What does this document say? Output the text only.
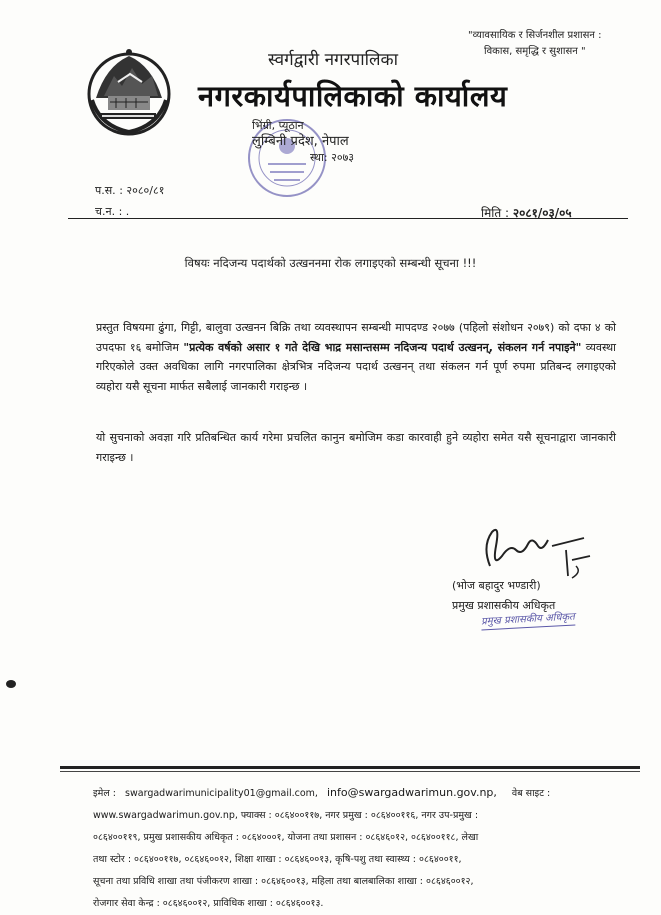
"व्यावसायिक र सिर्जनशील प्रशासन :
विकास, समृद्धि र सुशासन "
स्वर्गद्वारी नगरपालिका
नगरकार्यपालिकाको कार्यालय
भिंग्री, प्यूठान
लुम्बिनी प्रदेश, नेपाल
स्था: २०७३
प.स. : २०८०/८१
च.न. : .	मिति : २०८१/०३/०५
विषयः नदिजन्य पदार्थको उत्खननमा रोक लगाइएको सम्बन्धी सूचना !!!
प्रस्तुत विषयमा ढुंगा, गिट्टी, बालुवा उत्खनन बिक्रि तथा व्यवस्थापन सम्बन्धी मापदण्ड २०७७ (पहिलो संशोधन २०७९) को दफा ४ को उपदफा १६ बमोजिम "प्रत्येक वर्षको असार १ गते देखि भाद्र मसान्तसम्म नदिजन्य पदार्थ उत्खनन्, संकलन गर्न नपाइने" व्यवस्था गरिएकोले उक्त अवधिका लागि नगरपालिका क्षेत्रभित्र नदिजन्य पदार्थ उत्खनन् तथा संकलन गर्न पूर्ण रुपमा प्रतिबन्द लगाइएको व्यहोरा यसै सूचना मार्फत सबैलाई जानकारी गराइन्छ ।
यो सुचनाको अवज्ञा गरि प्रतिबन्धित कार्य गरेमा प्रचलित कानुन बमोजिम कडा कारवाही हुने व्यहोरा समेत यसै सूचनाद्वारा जानकारी गराइन्छ ।
(भोज बहादुर भण्डारी)
प्रमुख प्रशासकीय अधिकृत
प्रमुख प्रशासकीय अधिकृत
इमेल : swargadwarimunicipality01@gmail.com, info@swargadwarimun.gov.np, वेब साइट :
www.swargadwarimun.gov.np, फ्याक्स : ०८६४००११७, नगर प्रमुख : ०८६४००११६, नगर उप-प्रमुख :
०८६४००११९, प्रमुख प्रशासकीय अधिकृत : ०८६४०००१, योजना तथा प्रशासन : ०८६४६०१२, ०८६४००११८, लेखा
तथा स्टोर : ०८६४००११७, ०८६४६००१२, शिक्षा शाखा : ०८६४६००१३, कृषि-पशु तथा स्वास्थ्य : ०८६४००११,
सूचना तथा प्रविधि शाखा तथा पंजीकरण शाखा : ०८६४६००१३, महिला तथा बालबालिका शाखा : ०८६४६००१२,
रोजगार सेवा केन्द्र : ०८६४६००१२, प्राविधिक शाखा : ०८६४६००१३.
